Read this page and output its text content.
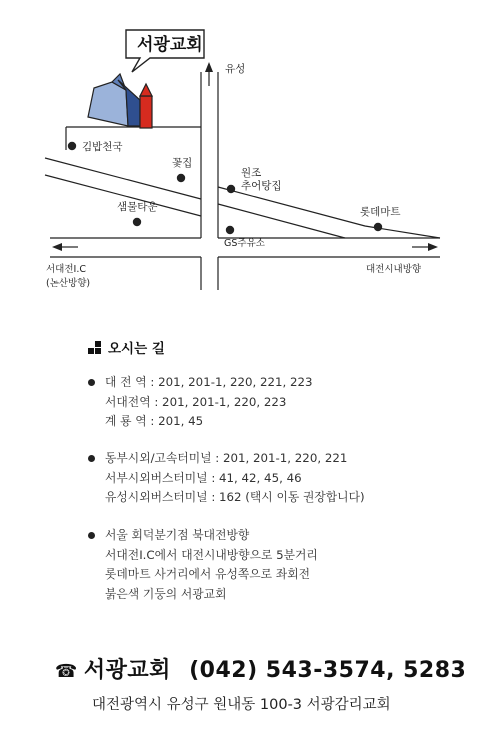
서광교회
유성
김밥천국
꽃집
원조
추어탕집
샘물타운	롯데마트
GS주유소
서대전I.C
(논산방향)
대전시내방향
오시는 길
대 전 역 : 201, 201-1, 220, 221, 223
서대전역 : 201, 201-1, 220, 223
계 룡 역 : 201, 45
동부시외/고속터미널 : 201, 201-1, 220, 221
서부시외버스터미널 : 41, 42, 45, 46
유성시외버스터미널 : 162 (택시 이동 권장합니다)
서울 회덕분기점 북대전방향
서대전I.C에서 대전시내방향으로 5분거리
롯데마트 사거리에서 유성쪽으로 좌회전
붉은색 기둥의 서광교회
☎ 서광교회 (042) 543-3574, 5283
대전광역시 유성구 원내동 100-3 서광감리교회
